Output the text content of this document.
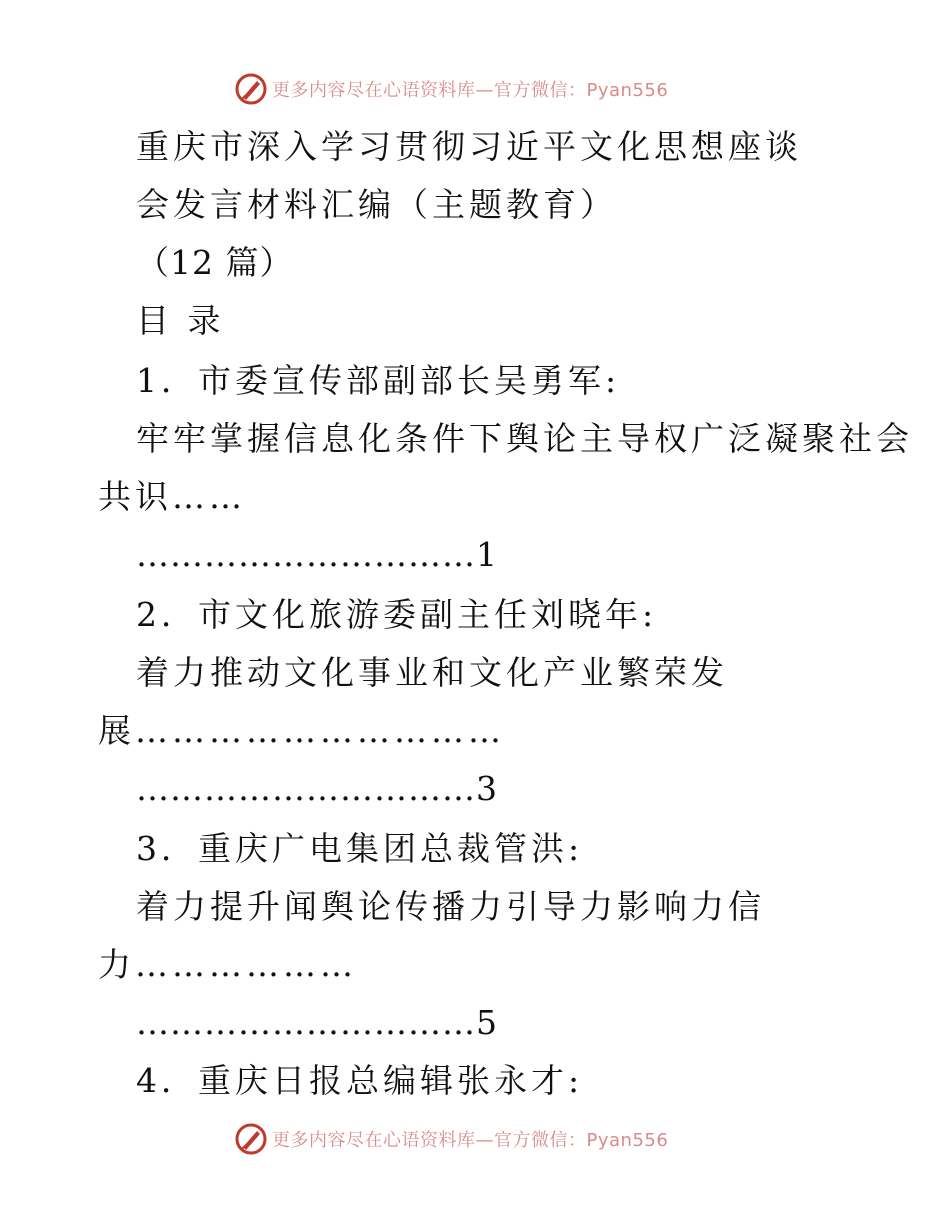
更多内容尽在心语资料库—官方微信：Pyan556
重庆市深入学习贯彻习近平文化思想座谈
会发言材料汇编（主题教育）
（12 篇）
目 录
1．市委宣传部副部长吴勇军:
牢牢掌握信息化条件下舆论主导权广泛凝聚社会
共识……
…………………………1
2．市文化旅游委副主任刘晓年:
着力推动文化事业和文化产业繁荣发
展…………………………
…………………………3
3．重庆广电集团总裁管洪:
着力提升闻舆论传播力引导力影响力信
力………………
…………………………5
4．重庆日报总编辑张永才:
更多内容尽在心语资料库—官方微信：Pyan556
